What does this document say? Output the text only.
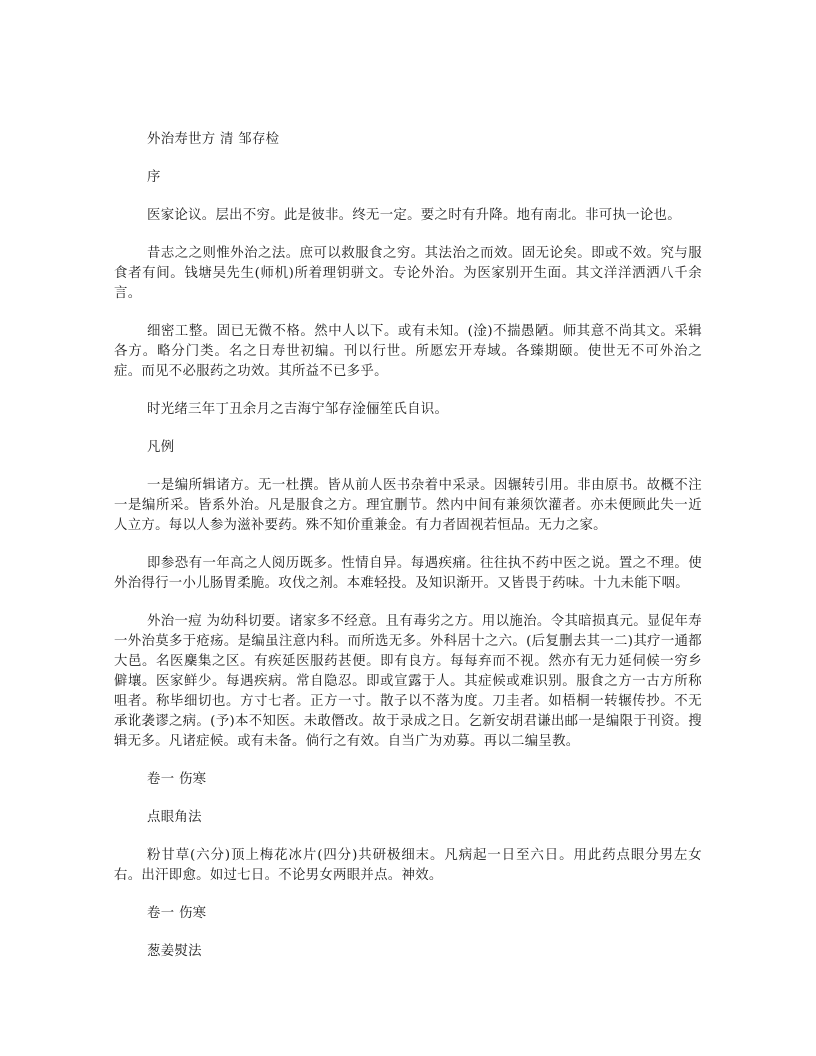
外治寿世方 清 邹存检

序

医家论议。层出不穷。此是彼非。终无一定。要之时有升降。地有南北。非可执一论也。

昔志之之则惟外治之法。庶可以救服食之穷。其法治之而效。固无论矣。即或不效。究与服食者有间。钱塘吴先生(师机)所着理钥骈文。专论外治。为医家别开生面。其文洋洋洒洒八千余言。

细密工整。固已无微不格。然中人以下。或有未知。(淦)不揣愚陋。师其意不尚其文。采辑各方。略分门类。名之日寿世初编。刊以行世。所愿宏开寿域。各臻期颐。使世无不可外治之症。而见不必服药之功效。其所益不已多乎。

时光绪三年丁丑余月之吉海宁邹存淦俪笙氏自识。

凡例

一是编所辑诸方。无一杜撰。皆从前人医书杂着中采录。因辗转引用。非由原书。故概不注一是编所采。皆系外治。凡是服食之方。理宜删节。然内中间有兼须饮灌者。亦未便顾此失一近人立方。每以人参为滋补要药。殊不知价重兼金。有力者固视若恒品。无力之家。

即参恐有一年高之人阅历既多。性情自异。每遇疾痛。往往执不药中医之说。置之不理。使外治得行一小儿肠胃柔脆。攻伐之剂。本难轻投。及知识渐开。又皆畏于药味。十九未能下咽。

外治一痘 为幼科切要。诸家多不经意。且有毒劣之方。用以施治。令其暗损真元。显促年寿一外治莫多于疮疡。是编虽注意内科。而所选无多。外科居十之六。(后复删去其一二)其疗一通都大邑。名医麇集之区。有疾延医服药甚便。即有良方。每每弃而不视。然亦有无力延伺候一穷乡僻壤。医家鲜少。每遇疾病。常自隐忍。即或宣露于人。其症候或难识别。服食之方一古方所称 咀者。称毕细切也。方寸七者。正方一寸。散子以不落为度。刀圭者。如梧桐一转辗传抄。不无承讹袭谬之病。(予)本不知医。未敢僭改。故于录成之日。乞新安胡君谦出邮一是编限于刊资。搜辑无多。凡诸症候。或有未备。倘行之有效。自当广为劝募。再以二编呈教。

卷一 伤寒

点眼角法

粉甘草(六分)顶上梅花冰片(四分)共研极细末。凡病起一日至六日。用此药点眼分男左女右。出汗即愈。如过七日。不论男女两眼并点。神效。

卷一 伤寒

葱姜熨法
